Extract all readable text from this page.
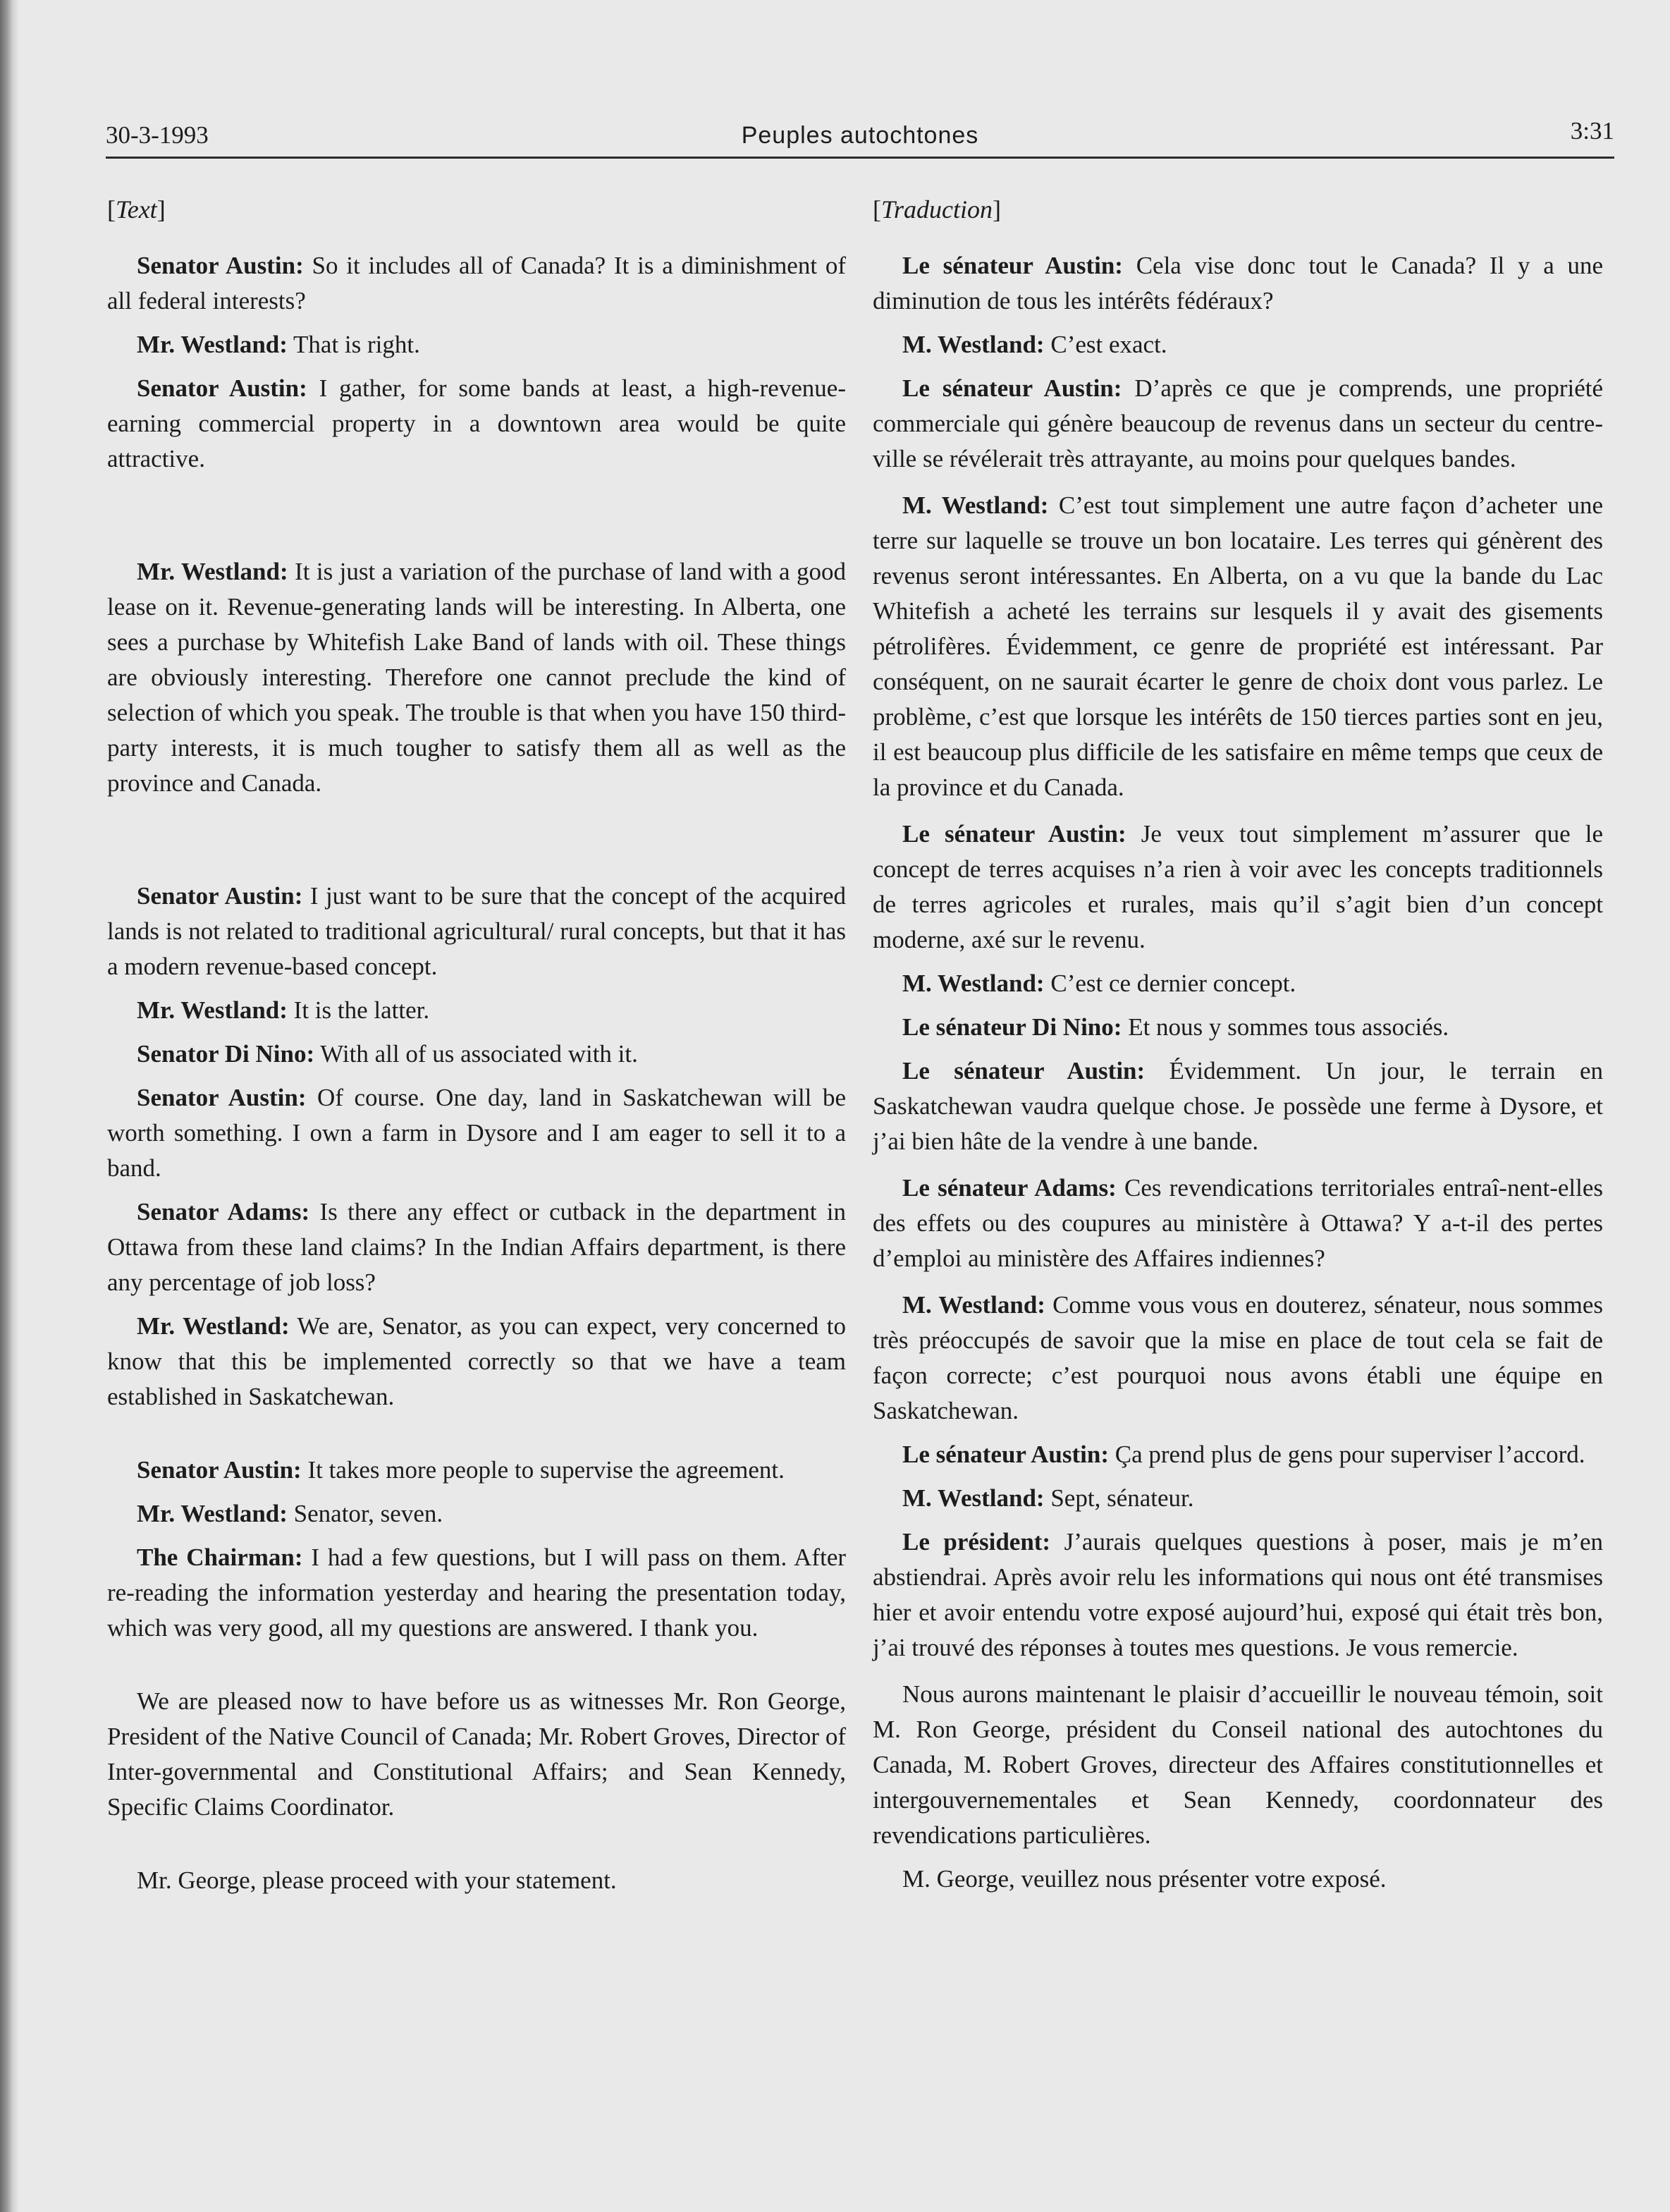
30-3-1993	Peuples autochtones	3:31
[Text]

Senator Austin: So it includes all of Canada? It is a diminishment of all federal interests?

Mr. Westland: That is right.

Senator Austin: I gather, for some bands at least, a high-revenue-earning commercial property in a downtown area would be quite attractive.

Mr. Westland: It is just a variation of the purchase of land with a good lease on it. Revenue-generating lands will be interesting. In Alberta, one sees a purchase by Whitefish Lake Band of lands with oil. These things are obviously interesting. Therefore one cannot preclude the kind of selection of which you speak. The trouble is that when you have 150 third-party interests, it is much tougher to satisfy them all as well as the province and Canada.

Senator Austin: I just want to be sure that the concept of the acquired lands is not related to traditional agricultural/ rural concepts, but that it has a modern revenue-based concept.

Mr. Westland: It is the latter.

Senator Di Nino: With all of us associated with it.

Senator Austin: Of course. One day, land in Saskatchewan will be worth something. I own a farm in Dysore and I am eager to sell it to a band.

Senator Adams: Is there any effect or cutback in the department in Ottawa from these land claims? In the Indian Affairs department, is there any percentage of job loss?

Mr. Westland: We are, Senator, as you can expect, very concerned to know that this be implemented correctly so that we have a team established in Saskatchewan.

Senator Austin: It takes more people to supervise the agreement.

Mr. Westland: Senator, seven.

The Chairman: I had a few questions, but I will pass on them. After re-reading the information yesterday and hearing the presentation today, which was very good, all my questions are answered. I thank you.

We are pleased now to have before us as witnesses Mr. Ron George, President of the Native Council of Canada; Mr. Robert Groves, Director of Inter-governmental and Constitutional Affairs; and Sean Kennedy, Specific Claims Coordinator.

Mr. George, please proceed with your statement.

[Traduction]

Le sénateur Austin: Cela vise donc tout le Canada? Il y a une diminution de tous les intérêts fédéraux?

M. Westland: C’est exact.

Le sénateur Austin: D’après ce que je comprends, une propriété commerciale qui génère beaucoup de revenus dans un secteur du centre-ville se révélerait très attrayante, au moins pour quelques bandes.

M. Westland: C’est tout simplement une autre façon d’acheter une terre sur laquelle se trouve un bon locataire. Les terres qui génèrent des revenus seront intéressantes. En Alberta, on a vu que la bande du Lac Whitefish a acheté les terrains sur lesquels il y avait des gisements pétrolifères. Évidemment, ce genre de propriété est intéressant. Par conséquent, on ne saurait écarter le genre de choix dont vous parlez. Le problème, c’est que lorsque les intérêts de 150 tierces parties sont en jeu, il est beaucoup plus difficile de les satisfaire en même temps que ceux de la province et du Canada.

Le sénateur Austin: Je veux tout simplement m’assurer que le concept de terres acquises n’a rien à voir avec les concepts traditionnels de terres agricoles et rurales, mais qu’il s’agit bien d’un concept moderne, axé sur le revenu.

M. Westland: C’est ce dernier concept.

Le sénateur Di Nino: Et nous y sommes tous associés.

Le sénateur Austin: Évidemment. Un jour, le terrain en Saskatchewan vaudra quelque chose. Je possède une ferme à Dysore, et j’ai bien hâte de la vendre à une bande.

Le sénateur Adams: Ces revendications territoriales entraî-nent-elles des effets ou des coupures au ministère à Ottawa? Y a-t-il des pertes d’emploi au ministère des Affaires indiennes?

M. Westland: Comme vous vous en douterez, sénateur, nous sommes très préoccupés de savoir que la mise en place de tout cela se fait de façon correcte; c’est pourquoi nous avons établi une équipe en Saskatchewan.

Le sénateur Austin: Ça prend plus de gens pour superviser l’accord.

M. Westland: Sept, sénateur.

Le président: J’aurais quelques questions à poser, mais je m’en abstiendrai. Après avoir relu les informations qui nous ont été transmises hier et avoir entendu votre exposé aujourd’hui, exposé qui était très bon, j’ai trouvé des réponses à toutes mes questions. Je vous remercie.

Nous aurons maintenant le plaisir d’accueillir le nouveau témoin, soit M. Ron George, président du Conseil national des autochtones du Canada, M. Robert Groves, directeur des Affaires constitutionnelles et intergouvernementales et Sean Kennedy, coordonnateur des revendications particulières.

M. George, veuillez nous présenter votre exposé.
